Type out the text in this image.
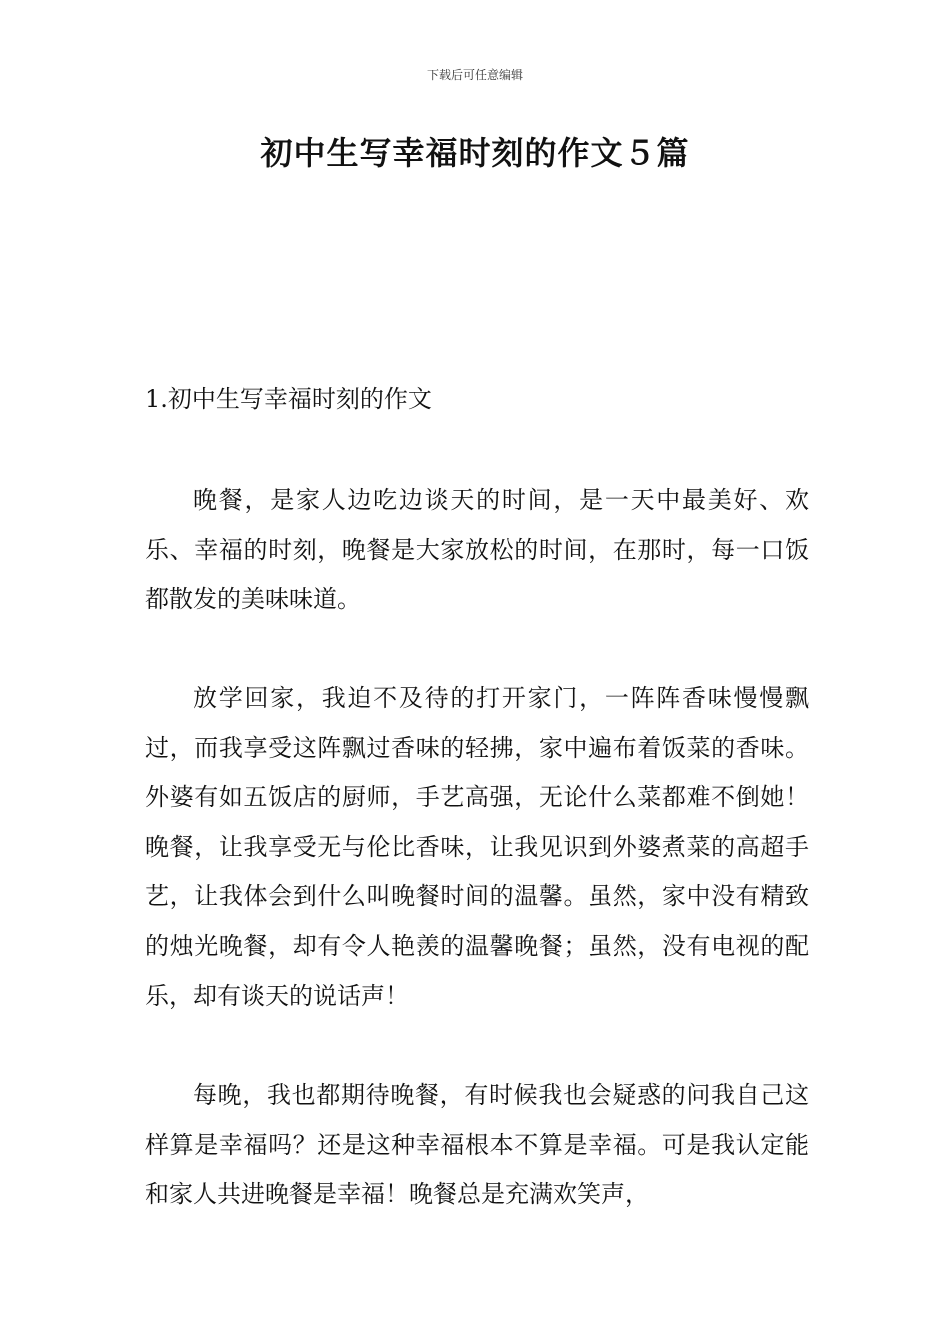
下载后可任意编辑
初中生写幸福时刻的作文５篇
1.初中生写幸福时刻的作文

晚餐，是家人边吃边谈天的时间，是一天中最美好、欢乐、幸福的时刻，晚餐是大家放松的时间，在那时，每一口饭都散发的美味味道。

放学回家，我迫不及待的打开家门，一阵阵香味慢慢飘过，而我享受这阵飘过香味的轻拂，家中遍布着饭菜的香味。外婆有如五饭店的厨师，手艺高强，无论什么菜都难不倒她！晚餐，让我享受无与伦比香味，让我见识到外婆煮菜的高超手艺，让我体会到什么叫晚餐时间的温馨。虽然，家中没有精致的烛光晚餐，却有令人艳羡的温馨晚餐；虽然，没有电视的配乐，却有谈天的说话声！

每晚，我也都期待晚餐，有时候我也会疑惑的问我自己这样算是幸福吗？还是这种幸福根本不算是幸福。可是我认定能和家人共进晚餐是幸福！晚餐总是充满欢笑声，
